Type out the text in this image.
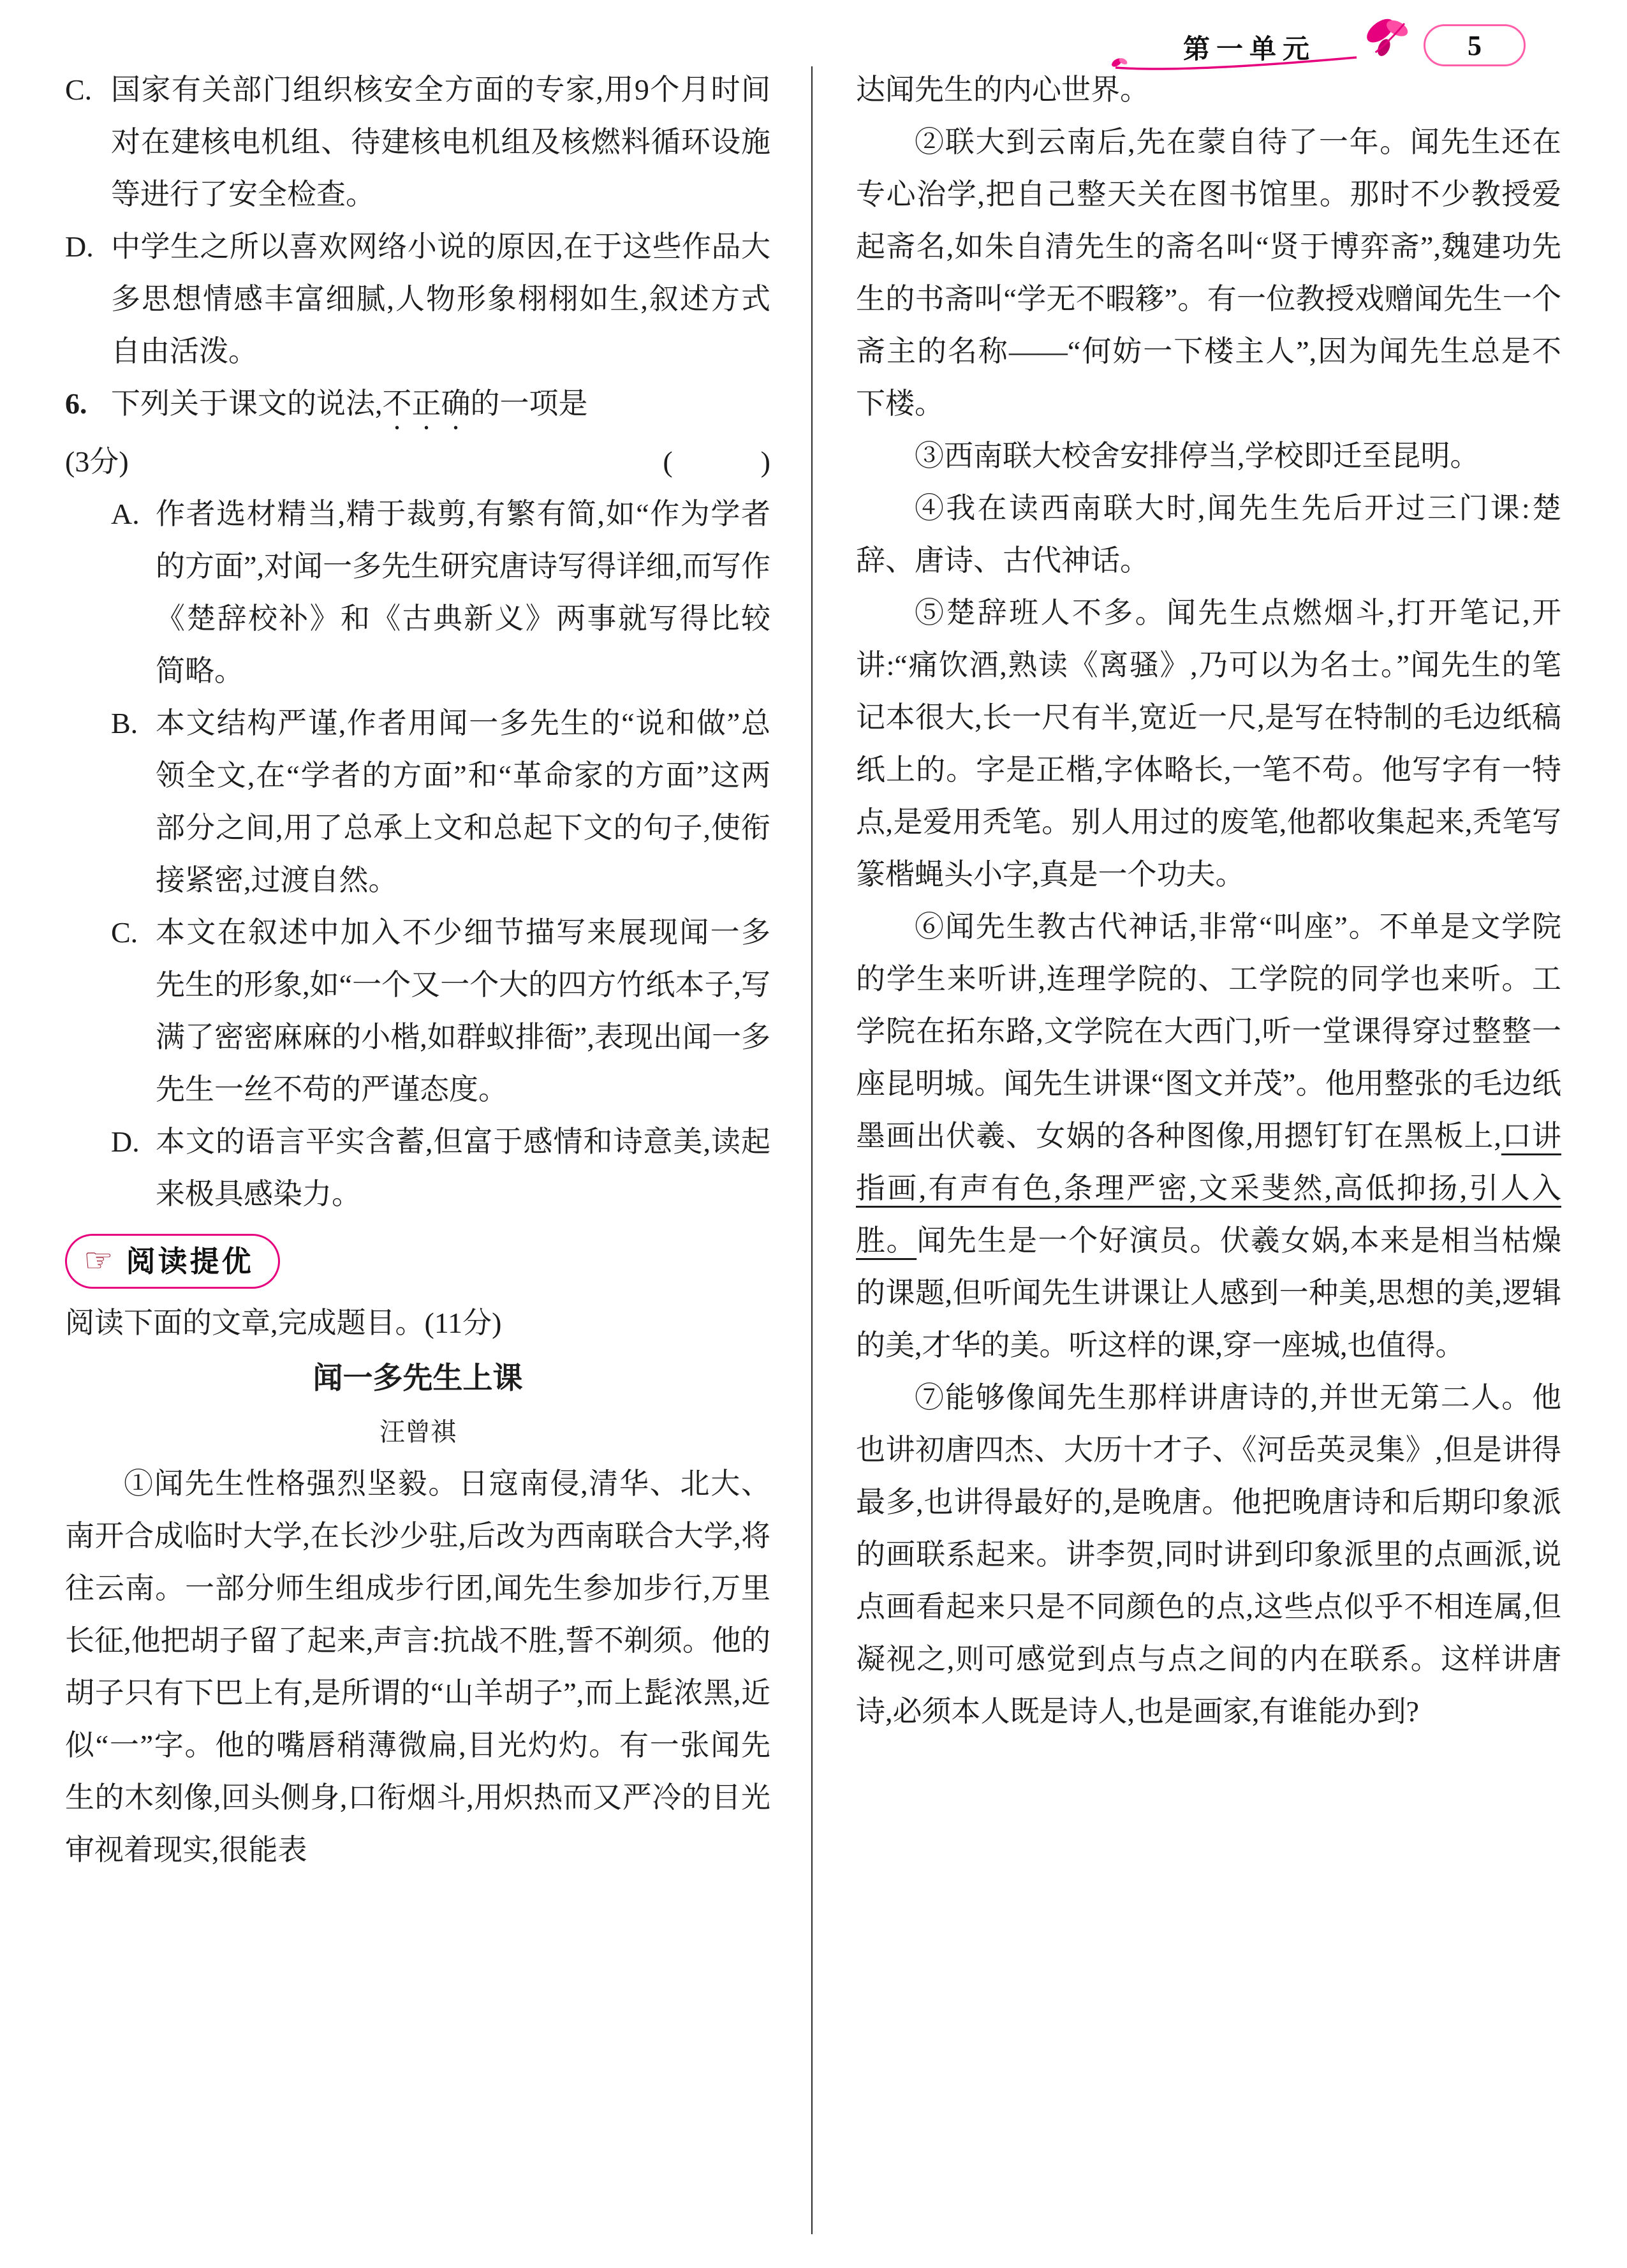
第一单元	5
C. 国家有关部门组织核安全方面的专家,用9个月时间对在建核电机组、待建核电机组及核燃料循环设施等进行了安全检查。
D. 中学生之所以喜欢网络小说的原因,在于这些作品大多思想情感丰富细腻,人物形象栩栩如生,叙述方式自由活泼。
6. 下列关于课文的说法,不正确的一项是
(3分)	(　　　)
A. 作者选材精当,精于裁剪,有繁有简,如“作为学者的方面”,对闻一多先生研究唐诗写得详细,而写作《楚辞校补》和《古典新义》两事就写得比较简略。
B. 本文结构严谨,作者用闻一多先生的“说和做”总领全文,在“学者的方面”和“革命家的方面”这两部分之间,用了总承上文和总起下文的句子,使衔接紧密,过渡自然。
C. 本文在叙述中加入不少细节描写来展现闻一多先生的形象,如“一个又一个大的四方竹纸本子,写满了密密麻麻的小楷,如群蚁排衙”,表现出闻一多先生一丝不苟的严谨态度。
D. 本文的语言平实含蓄,但富于感情和诗意美,读起来极具感染力。
☞ 阅读提优

阅读下面的文章,完成题目。(11分)

闻一多先生上课
汪曾祺

①闻先生性格强烈坚毅。日寇南侵,清华、北大、南开合成临时大学,在长沙少驻,后改为西南联合大学,将往云南。一部分师生组成步行团,闻先生参加步行,万里长征,他把胡子留了起来,声言:抗战不胜,誓不剃须。他的胡子只有下巴上有,是所谓的“山羊胡子”,而上髭浓黑,近似“一”字。他的嘴唇稍薄微扁,目光灼灼。有一张闻先生的木刻像,回头侧身,口衔烟斗,用炽热而又严冷的目光审视着现实,很能表

达闻先生的内心世界。

②联大到云南后,先在蒙自待了一年。闻先生还在专心治学,把自己整天关在图书馆里。那时不少教授爱起斋名,如朱自清先生的斋名叫“贤于博弈斋”,魏建功先生的书斋叫“学无不暇簃”。有一位教授戏赠闻先生一个斋主的名称——“何妨一下楼主人”,因为闻先生总是不下楼。

③西南联大校舍安排停当,学校即迁至昆明。

④我在读西南联大时,闻先生先后开过三门课:楚辞、唐诗、古代神话。

⑤楚辞班人不多。闻先生点燃烟斗,打开笔记,开讲:“痛饮酒,熟读《离骚》,乃可以为名士。”闻先生的笔记本很大,长一尺有半,宽近一尺,是写在特制的毛边纸稿纸上的。字是正楷,字体略长,一笔不苟。他写字有一特点,是爱用秃笔。别人用过的废笔,他都收集起来,秃笔写篆楷蝇头小字,真是一个功夫。

⑥闻先生教古代神话,非常“叫座”。不单是文学院的学生来听讲,连理学院的、工学院的同学也来听。工学院在拓东路,文学院在大西门,听一堂课得穿过整整一座昆明城。闻先生讲课“图文并茂”。他用整张的毛边纸墨画出伏羲、女娲的各种图像,用摁钉钉在黑板上,口讲指画,有声有色,条理严密,文采斐然,高低抑扬,引人入胜。闻先生是一个好演员。伏羲女娲,本来是相当枯燥的课题,但听闻先生讲课让人感到一种美,思想的美,逻辑的美,才华的美。听这样的课,穿一座城,也值得。

⑦能够像闻先生那样讲唐诗的,并世无第二人。他也讲初唐四杰、大历十才子、《河岳英灵集》,但是讲得最多,也讲得最好的,是晚唐。他把晚唐诗和后期印象派的画联系起来。讲李贺,同时讲到印象派里的点画派,说点画看起来只是不同颜色的点,这些点似乎不相连属,但凝视之,则可感觉到点与点之间的内在联系。这样讲唐诗,必须本人既是诗人,也是画家,有谁能办到?
